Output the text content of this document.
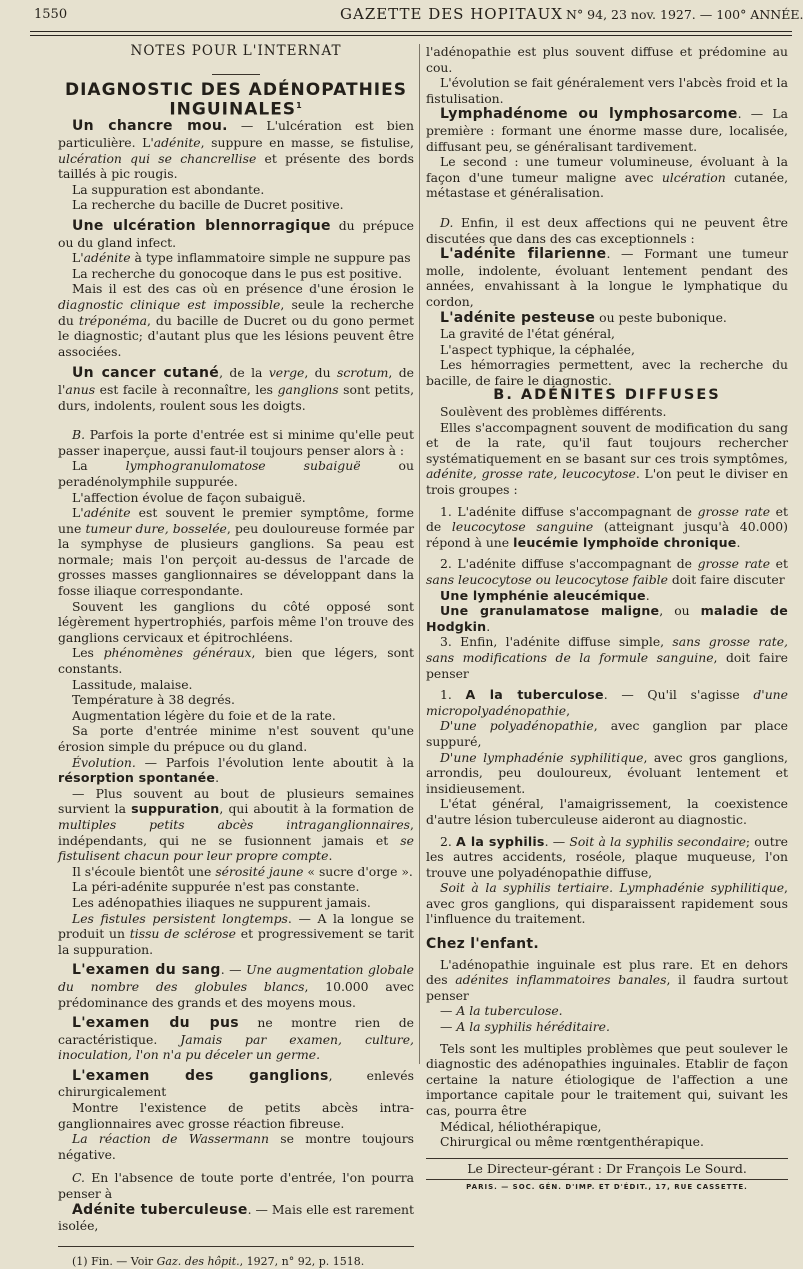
1550	GAZETTE DES HOPITAUX N° 94, 23 nov. 1927. — 100° ANNÉE.

NOTES POUR L'INTERNAT

DIAGNOSTIC DES ADÉNOPATHIES INGUINALES$^1$

Un chancre mou. — L'ulcération est bien particulière. L'adénite, suppure en masse, se fistulise, ulcération qui se chancrellise et présente des bords taillés à pic rougis.

La suppuration est abondante.

La recherche du bacille de Ducret positive.

Une ulcération blennorragique du prépuce ou du gland infect.

L'adénite à type inflammatoire simple ne suppure pas

La recherche du gonocoque dans le pus est positive.

Mais il est des cas où en présence d'une érosion le diagnostic clinique est impossible, seule la recherche du tréponéma, du bacille de Ducret ou du gono permet le diagnostic; d'autant plus que les lésions peuvent être associées.

Un cancer cutané, de la verge, du scrotum, de l'anus est facile à reconnaître, les ganglions sont petits, durs, indolents, roulent sous les doigts.

B. Parfois la porte d'entrée est si minime qu'elle peut passer inaperçue, aussi faut-il toujours penser alors à :

La lymphogranulomatose subaiguë ou peradénolymphile suppurée.

L'affection évolue de façon subaiguë.

L'adénite est souvent le premier symptôme, forme une tumeur dure, bosselée, peu douloureuse formée par la symphyse de plusieurs ganglions. Sa peau est normale; mais l'on perçoit au-dessus de l'arcade de grosses masses ganglionnaires se développant dans la fosse iliaque correspondante.

Souvent les ganglions du côté opposé sont légèrement hypertrophiés, parfois même l'on trouve des ganglions cervicaux et épitrochléens.

Les phénomènes généraux, bien que légers, sont constants.

Lassitude, malaise.

Température à 38 degrés.

Augmentation légère du foie et de la rate.

Sa porte d'entrée minime n'est souvent qu'une érosion simple du prépuce ou du gland.

Évolution. — Parfois l'évolution lente aboutit à la résorption spontanée.

— Plus souvent au bout de plusieurs semaines survient la suppuration, qui aboutit à la formation de multiples petits abcès intraganglionnaires, indépendants, qui ne se fusionnent jamais et se fistulisent chacun pour leur propre compte.

Il s'écoule bientôt une sérosité jaune « sucre d'orge ».

La péri-adénite suppurée n'est pas constante.

Les adénopathies iliaques ne suppurent jamais.

Les fistules persistent longtemps. — A la longue se produit un tissu de sclérose et progressivement se tarit la suppuration.

L'examen du sang. — Une augmentation globale du nombre des globules blancs, 10.000 avec prédominance des grands et des moyens mous.

L'examen du pus ne montre rien de caractéristique. Jamais par examen, culture, inoculation, l'on n'a pu déceler un germe.

L'examen des ganglions, enlevés chirurgicalement

Montre l'existence de petits abcès intra-ganglionnaires avec grosse réaction fibreuse.

La réaction de Wassermann se montre toujours négative.

C. En l'absence de toute porte d'entrée, l'on pourra penser à

Adénite tuberculeuse. — Mais elle est rarement isolée,

(1) Fin. — Voir Gaz. des hôpit., 1927, n° 92, p. 1518.

l'adénopathie est plus souvent diffuse et prédomine au cou.

L'évolution se fait généralement vers l'abcès froid et la fistulisation.

Lymphadénome ou lymphosarcome. — La première : formant une énorme masse dure, localisée, diffusant peu, se généralisant tardivement.

Le second : une tumeur volumineuse, évoluant à la façon d'une tumeur maligne avec ulcération cutanée, métastase et généralisation.

D. Enfin, il est deux affections qui ne peuvent être discutées que dans des cas exceptionnels :

L'adénite filarienne. — Formant une tumeur molle, indolente, évoluant lentement pendant des années, envahissant à la longue le lymphatique du cordon,

L'adénite pesteuse ou peste bubonique.

La gravité de l'état général,

L'aspect typhique, la céphalée,

Les hémorragies permettent, avec la recherche du bacille, de faire le diagnostic.

B. ADÉNITES DIFFUSES

Soulèvent des problèmes différents.

Elles s'accompagnent souvent de modification du sang et de la rate, qu'il faut toujours rechercher systématiquement en se basant sur ces trois symptômes, adénite, grosse rate, leucocytose. L'on peut le diviser en trois groupes :

1. L'adénite diffuse s'accompagnant de grosse rate et de leucocytose sanguine (atteignant jusqu'à 40.000) répond à une leucémie lymphoïde chronique.

2. L'adénite diffuse s'accompagnant de grosse rate et sans leucocytose ou leucocytose faible doit faire discuter

Une lymphénie aleucémique.

Une granulamatose maligne, ou maladie de Hodgkin.

3. Enfin, l'adénite diffuse simple, sans grosse rate, sans modifications de la formule sanguine, doit faire penser

1. A la tuberculose. — Qu'il s'agisse d'une micropolyadénopathie,

D'une polyadénopathie, avec ganglion par place suppuré,

D'une lymphadénie syphilitique, avec gros ganglions, arrondis, peu douloureux, évoluant lentement et insidieusement.

L'état général, l'amaigrissement, la coexistence d'autre lésion tuberculeuse aideront au diagnostic.

2. A la syphilis. — Soit à la syphilis secondaire; outre les autres accidents, roséole, plaque muqueuse, l'on trouve une polyadénopathie diffuse,

Soit à la syphilis tertiaire. Lymphadénie syphilitique, avec gros ganglions, qui disparaissent rapidement sous l'influence du traitement.

Chez l'enfant.

L'adénopathie inguinale est plus rare. Et en dehors des adénites inflammatoires banales, il faudra surtout penser

— A la tuberculose.

— A la syphilis héréditaire.

Tels sont les multiples problèmes que peut soulever le diagnostic des adénopathies inguinales. Etablir de façon certaine la nature étiologique de l'affection a une importance capitale pour le traitement qui, suivant les cas, pourra être

Médical, héliothérapique,

Chirurgical ou même rœntgenthérapique.

Le Directeur-gérant : Dr François Le Sourd.

PARIS. — SOC. GÉN. D'IMP. ET D'ÉDIT., 17, RUE CASSETTE.
